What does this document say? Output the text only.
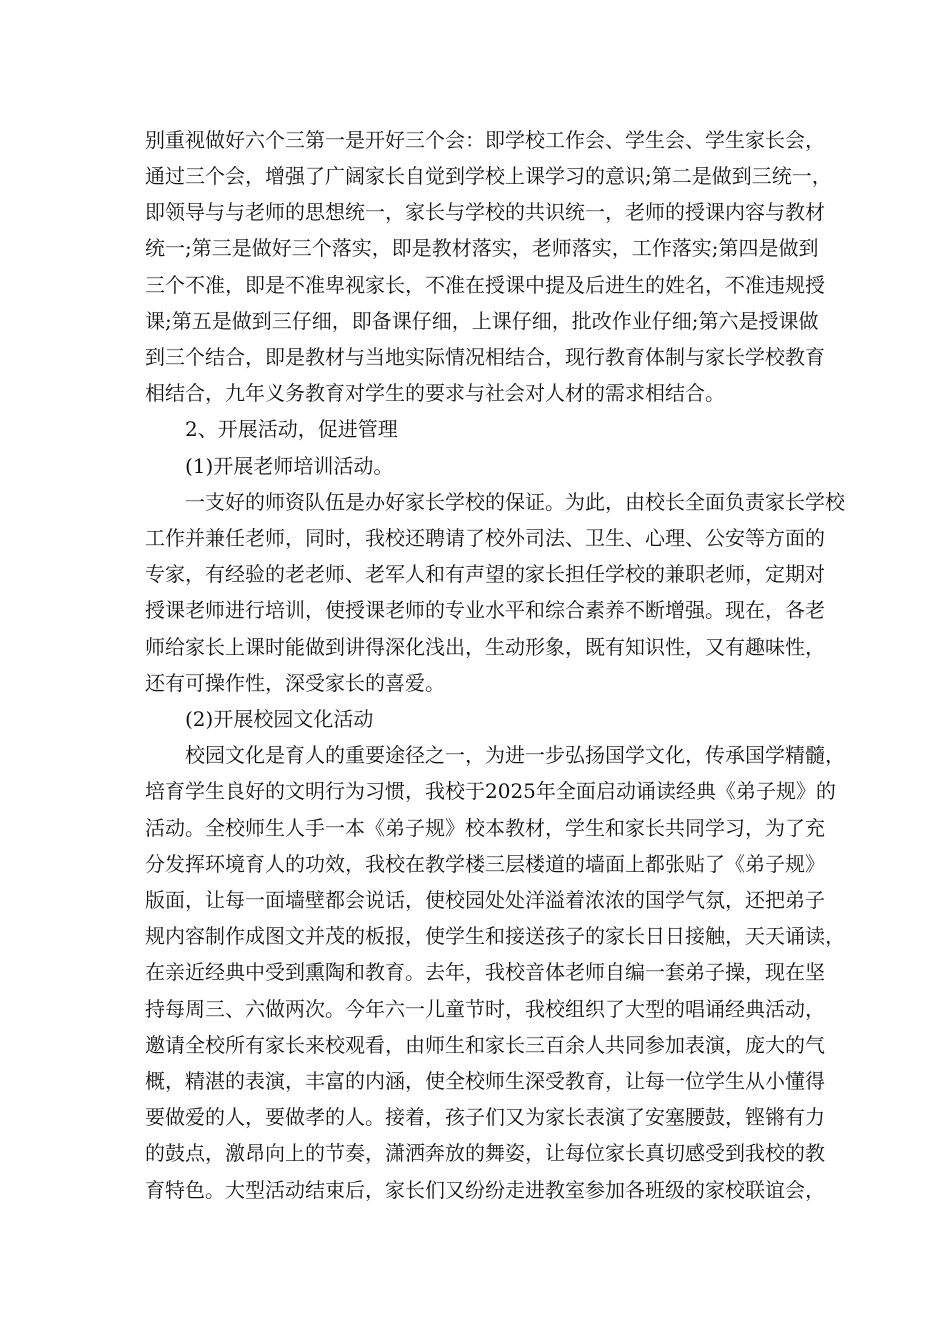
别重视做好六个三第一是开好三个会：即学校工作会、学生会、学生家长会，
通过三个会，增强了广阔家长自觉到学校上课学习的意识;第二是做到三统一，
即领导与与老师的思想统一，家长与学校的共识统一，老师的授课内容与教材
统一;第三是做好三个落实，即是教材落实，老师落实，工作落实;第四是做到
三个不准，即是不准卑视家长，不准在授课中提及后进生的姓名，不准违规授
课;第五是做到三仔细，即备课仔细，上课仔细，批改作业仔细;第六是授课做
到三个结合，即是教材与当地实际情况相结合，现行教育体制与家长学校教育
相结合，九年义务教育对学生的要求与社会对人材的需求相结合。
2、开展活动，促进管理
(1)开展老师培训活动。
一支好的师资队伍是办好家长学校的保证。为此，由校长全面负责家长学校
工作并兼任老师，同时，我校还聘请了校外司法、卫生、心理、公安等方面的
专家，有经验的老老师、老军人和有声望的家长担任学校的兼职老师，定期对
授课老师进行培训，使授课老师的专业水平和综合素养不断增强。现在，各老
师给家长上课时能做到讲得深化浅出，生动形象，既有知识性，又有趣味性，
还有可操作性，深受家长的喜爱。
(2)开展校园文化活动
校园文化是育人的重要途径之一，为进一步弘扬国学文化，传承国学精髓，
培育学生良好的文明行为习惯，我校于2025年全面启动诵读经典《弟子规》的
活动。全校师生人手一本《弟子规》校本教材，学生和家长共同学习，为了充
分发挥环境育人的功效，我校在教学楼三层楼道的墙面上都张贴了《弟子规》
版面，让每一面墙壁都会说话，使校园处处洋溢着浓浓的国学气氛，还把弟子
规内容制作成图文并茂的板报，使学生和接送孩子的家长日日接触，天天诵读，
在亲近经典中受到熏陶和教育。去年，我校音体老师自编一套弟子操，现在坚
持每周三、六做两次。今年六一儿童节时，我校组织了大型的唱诵经典活动，
邀请全校所有家长来校观看，由师生和家长三百余人共同参加表演，庞大的气
概，精湛的表演，丰富的内涵，使全校师生深受教育，让每一位学生从小懂得
要做爱的人，要做孝的人。接着，孩子们又为家长表演了安塞腰鼓，铿锵有力
的鼓点，激昂向上的节奏，潇洒奔放的舞姿，让每位家长真切感受到我校的教
育特色。大型活动结束后，家长们又纷纷走进教室参加各班级的家校联谊会，
